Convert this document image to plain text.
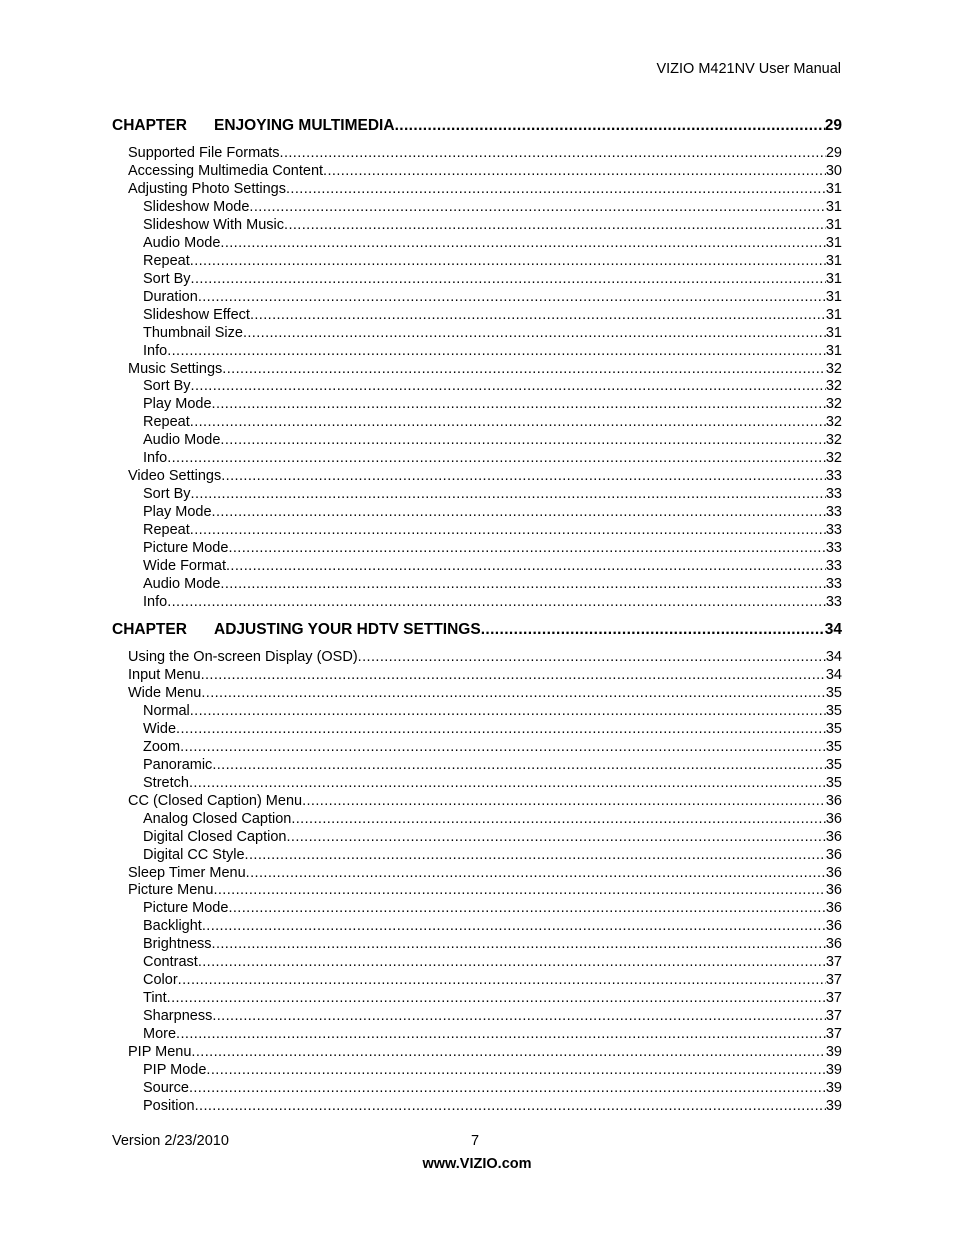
VIZIO M421NV User Manual
CHAPTER	ENJOYING MULTIMEDIA .....	29
Supported File Formats .....	29
Accessing Multimedia Content .....	30
Adjusting Photo Settings .....	31
Slideshow Mode .....	31
Slideshow With Music .....	31
Audio Mode .....	31
Repeat .....	31
Sort By .....	31
Duration .....	31
Slideshow Effect .....	31
Thumbnail Size .....	31
Info .....	31
Music Settings .....	32
Sort By .....	32
Play Mode .....	32
Repeat .....	32
Audio Mode .....	32
Info .....	32
Video Settings .....	33
Sort By .....	33
Play Mode .....	33
Repeat .....	33
Picture Mode .....	33
Wide Format .....	33
Audio Mode .....	33
Info .....	33
CHAPTER	ADJUSTING YOUR HDTV SETTINGS .....	34
Using the On-screen Display (OSD) .....	34
Input Menu .....	34
Wide Menu .....	35
Normal .....	35
Wide .....	35
Zoom .....	35
Panoramic .....	35
Stretch .....	35
CC (Closed Caption) Menu .....	36
Analog Closed Caption .....	36
Digital Closed Caption .....	36
Digital CC Style .....	36
Sleep Timer Menu .....	36
Picture Menu .....	36
Picture Mode .....	36
Backlight .....	36
Brightness .....	36
Contrast .....	37
Color .....	37
Tint .....	37
Sharpness .....	37
More .....	37
PIP Menu .....	39
PIP Mode .....	39
Source .....	39
Position .....	39
Version 2/23/2010	7
www.VIZIO.com
